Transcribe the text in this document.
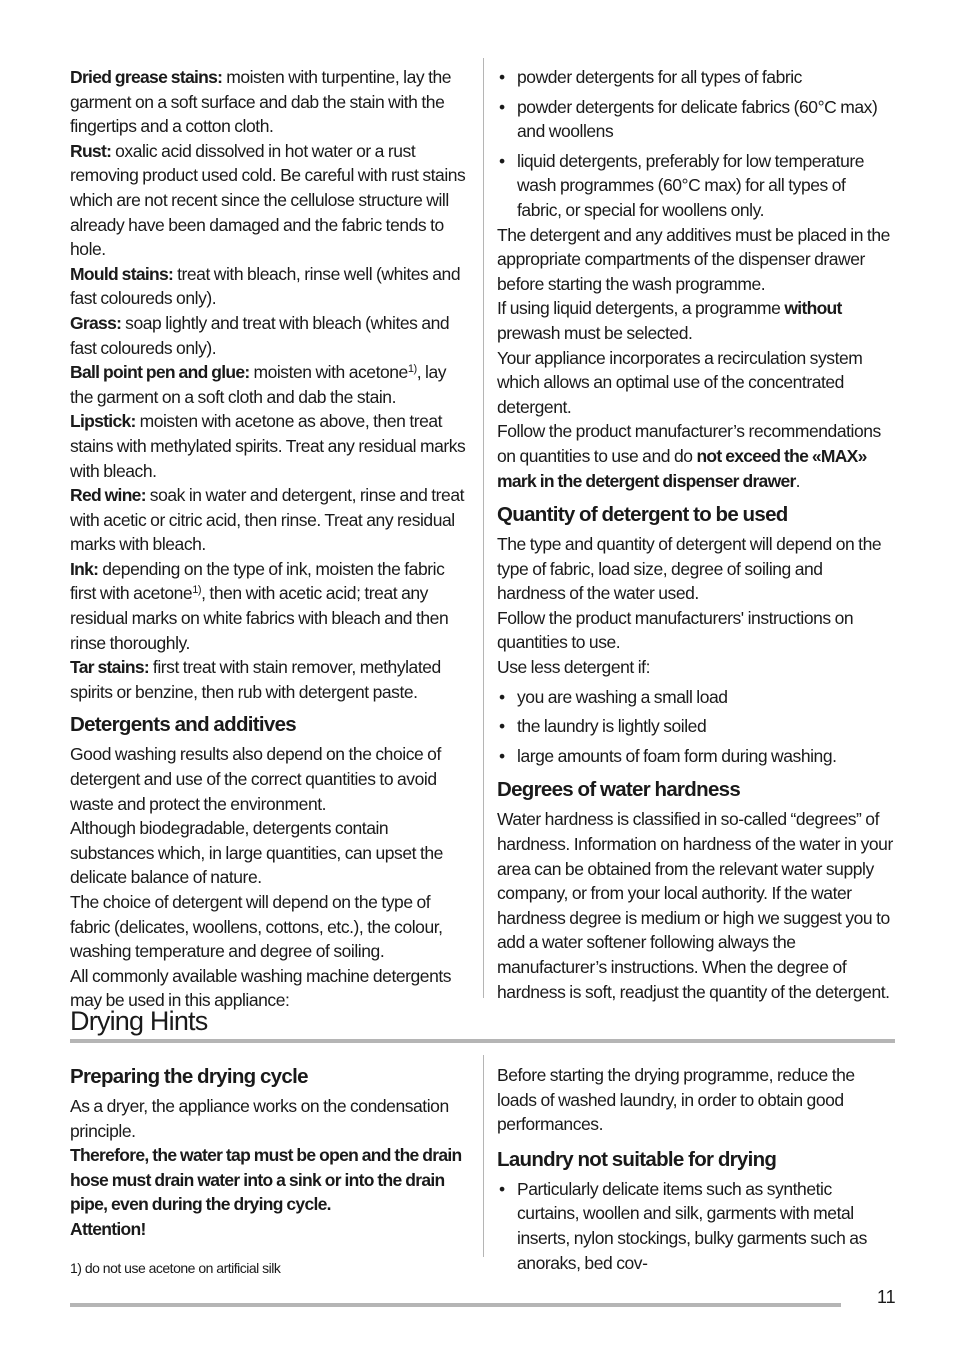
Dried grease stains: moisten with turpentine, lay the garment on a soft surface and dab the stain with the fingertips and a cotton cloth.

Rust: oxalic acid dissolved in hot water or a rust removing product used cold. Be careful with rust stains which are not recent since the cellulose structure will already have been damaged and the fabric tends to hole.

Mould stains: treat with bleach, rinse well (whites and fast coloureds only).

Grass: soap lightly and treat with bleach (whites and fast coloureds only).

Ball point pen and glue: moisten with acetone$^{1)}$, lay the garment on a soft cloth and dab the stain.

Lipstick: moisten with acetone as above, then treat stains with methylated spirits. Treat any residual marks with bleach.

Red wine: soak in water and detergent, rinse and treat with acetic or citric acid, then rinse. Treat any residual marks with bleach.

Ink: depending on the type of ink, moisten the fabric first with acetone$^{1)}$, then with acetic acid; treat any residual marks on white fabrics with bleach and then rinse thoroughly.

Tar stains: first treat with stain remover, methylated spirits or benzine, then rub with detergent paste.

Detergents and additives

Good washing results also depend on the choice of detergent and use of the correct quantities to avoid waste and protect the environment.

Although biodegradable, detergents contain substances which, in large quantities, can upset the delicate balance of nature.

The choice of detergent will depend on the type of fabric (delicates, woollens, cottons, etc.), the colour, washing temperature and degree of soiling.

All commonly available washing machine detergents may be used in this appliance:

• powder detergents for all types of fabric
• powder detergents for delicate fabrics (60°C max) and woollens
• liquid detergents, preferably for low temperature wash programmes (60°C max) for all types of fabric, or special for woollens only.

The detergent and any additives must be placed in the appropriate compartments of the dispenser drawer before starting the wash programme.

If using liquid detergents, a programme without prewash must be selected.

Your appliance incorporates a recirculation system which allows an optimal use of the concentrated detergent.

Follow the product manufacturer’s recommendations on quantities to use and do not exceed the «MAX» mark in the detergent dispenser drawer.

Quantity of detergent to be used

The type and quantity of detergent will depend on the type of fabric, load size, degree of soiling and hardness of the water used.

Follow the product manufacturers' instructions on quantities to use.

Use less detergent if:

• you are washing a small load
• the laundry is lightly soiled
• large amounts of foam form during washing.
Degrees of water hardness

Water hardness is classified in so-called “degrees” of hardness. Information on hardness of the water in your area can be obtained from the relevant water supply company, or from your local authority. If the water hardness degree is medium or high we suggest you to add a water softener following always the manufacturer’s instructions. When the degree of hardness is soft, readjust the quantity of the detergent.

Drying Hints
Preparing the drying cycle

As a dryer, the appliance works on the condensation principle.

Therefore, the water tap must be open and the drain hose must drain water into a sink or into the drain pipe, even during the drying cycle.

Attention!

Before starting the drying programme, reduce the loads of washed laundry, in order to obtain good performances.

Laundry not suitable for drying
• Particularly delicate items such as synthetic curtains, woollen and silk, garments with metal inserts, nylon stockings, bulky garments such as anoraks, bed cov-

1) do not use acetone on artificial silk

11
